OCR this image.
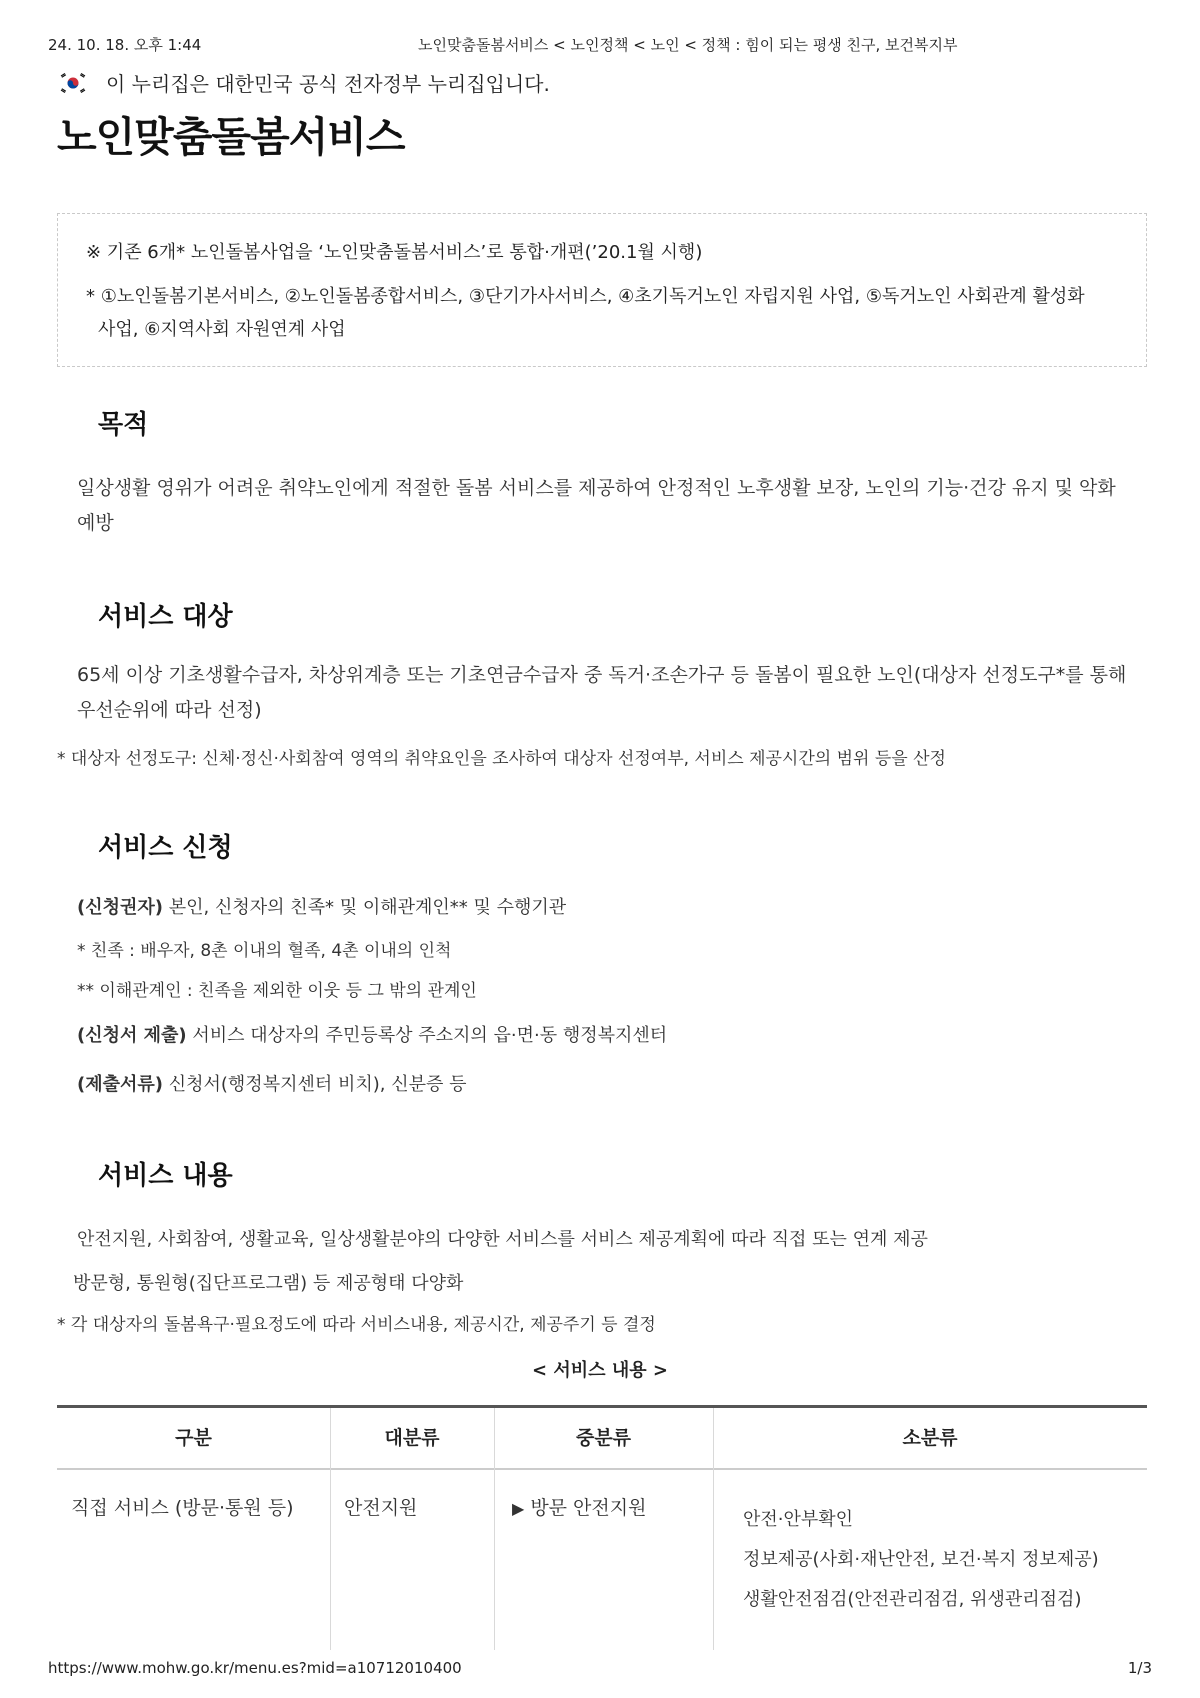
24. 10. 18. 오후 1:44	노인맞춤돌봄서비스 < 노인정책 < 노인 < 정책 : 힘이 되는 평생 친구, 보건복지부
이 누리집은 대한민국 공식 전자정부 누리집입니다.
노인맞춤돌봄서비스
※ 기존 6개* 노인돌봄사업을 ‘노인맞춤돌봄서비스’로 통합·개편(’20.1월 시행)
* ①노인돌봄기본서비스, ②노인돌봄종합서비스, ③단기가사서비스, ④초기독거노인 자립지원 사업, ⑤독거노인 사회관계 활성화 사업, ⑥지역사회 자원연계 사업
목적

일상생활 영위가 어려운 취약노인에게 적절한 돌봄 서비스를 제공하여 안정적인 노후생활 보장, 노인의 기능·건강 유지 및 악화 예방

서비스 대상

65세 이상 기초생활수급자, 차상위계층 또는 기초연금수급자 중 독거·조손가구 등 돌봄이 필요한 노인(대상자 선정도구*를 통해 우선순위에 따라 선정)

* 대상자 선정도구: 신체·정신·사회참여 영역의 취약요인을 조사하여 대상자 선정여부, 서비스 제공시간의 범위 등을 산정

서비스 신청

(신청권자) 본인, 신청자의 친족* 및 이해관계인** 및 수행기관

* 친족 : 배우자, 8촌 이내의 혈족, 4촌 이내의 인척

** 이해관계인 : 친족을 제외한 이웃 등 그 밖의 관계인

(신청서 제출) 서비스 대상자의 주민등록상 주소지의 읍·면·동 행정복지센터

(제출서류) 신청서(행정복지센터 비치), 신분증 등

서비스 내용

안전지원, 사회참여, 생활교육, 일상생활분야의 다양한 서비스를 서비스 제공계획에 따라 직접 또는 연계 제공

방문형, 통원형(집단프로그램) 등 제공형태 다양화

* 각 대상자의 돌봄욕구·필요정도에 따라 서비스내용, 제공시간, 제공주기 등 결정

< 서비스 내용 >
구분	대분류	중분류	소분류
직접 서비스 (방문·통원 등)	안전지원	▶ 방문 안전지원
안전·안부확인
정보제공(사회·재난안전, 보건·복지 정보제공)
생활안전점검(안전관리점검, 위생관리점검)
https://www.mohw.go.kr/menu.es?mid=a10712010400	1/3
